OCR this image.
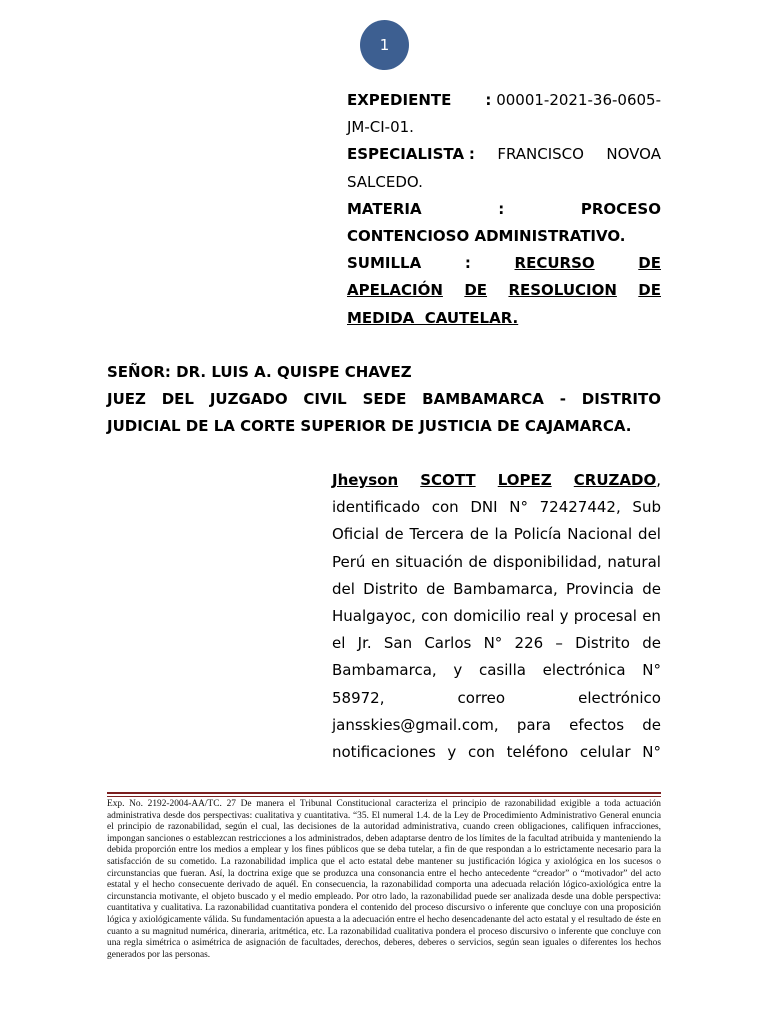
1
EXPEDIENTE : 00001-2021-36-0605-
JM-CI-01.
ESPECIALISTA : FRANCISCO NOVOA
SALCEDO.
MATERIA	:	PROCESO
CONTENCIOSO ADMINISTRATIVO.
SUMILLA	:	RECURSO	DE
APELACIÓN DE RESOLUCION DE
MEDIDA  CAUTELAR.
SEÑOR: DR. LUIS A. QUISPE CHAVEZ
JUEZ DEL JUZGADO CIVIL SEDE BAMBAMARCA - DISTRITO
JUDICIAL DE LA CORTE SUPERIOR DE JUSTICIA DE CAJAMARCA.
Jheyson SCOTT LOPEZ CRUZADO,
identificado con DNI N° 72427442, Sub
Oficial de Tercera de la Policía Nacional del
Perú en situación de disponibilidad, natural
del Distrito de Bambamarca, Provincia de
Hualgayoc, con domicilio real y procesal en
el Jr. San Carlos N° 226 – Distrito de
Bambamarca, y casilla electrónica N°
58972,	correo	electrónico
jansskies@gmail.com, para efectos de
notificaciones y con teléfono celular N°
Exp. No. 2192-2004-AA/TC. 27 De manera el Tribunal Constitucional caracteriza el principio de razonabilidad exigible a toda actuación administrativa desde dos perspectivas: cualitativa y cuantitativa. “35. El numeral 1.4. de la Ley de Procedimiento Administrativo General enuncia el principio de razonabilidad, según el cual, las decisiones de la autoridad administrativa, cuando creen obligaciones, califiquen infracciones, impongan sanciones o establezcan restricciones a los administrados, deben adaptarse dentro de los límites de la facultad atribuida y manteniendo la debida proporción entre los medios a emplear y los fines públicos que se deba tutelar, a fin de que respondan a lo estrictamente necesario para la satisfacción de su cometido. La razonabilidad implica que el acto estatal debe mantener su justificación lógica y axiológica en los sucesos o circunstancias que fueran. Así, la doctrina exige que se produzca una consonancia entre el hecho antecedente “creador” o “motivador” del acto estatal y el hecho consecuente derivado de aquél. En consecuencia, la razonabilidad comporta una adecuada relación lógico-axiológica entre la circunstancia motivante, el objeto buscado y el medio empleado. Por otro lado, la razonabilidad puede ser analizada desde una doble perspectiva: cuantitativa y cualitativa. La razonabilidad cuantitativa pondera el contenido del proceso discursivo o inferente que concluye con una proposición lógica y axiológicamente válida. Su fundamentación apuesta a la adecuación entre el hecho desencadenante del acto estatal y el resultado de éste en cuanto a su magnitud numérica, dineraria, aritmética, etc. La razonabilidad cualitativa pondera el proceso discursivo o inferente que concluye con una regla simétrica o asimétrica de asignación de facultades, derechos, deberes, deberes o servicios, según sean iguales o diferentes los hechos generados por las personas.
